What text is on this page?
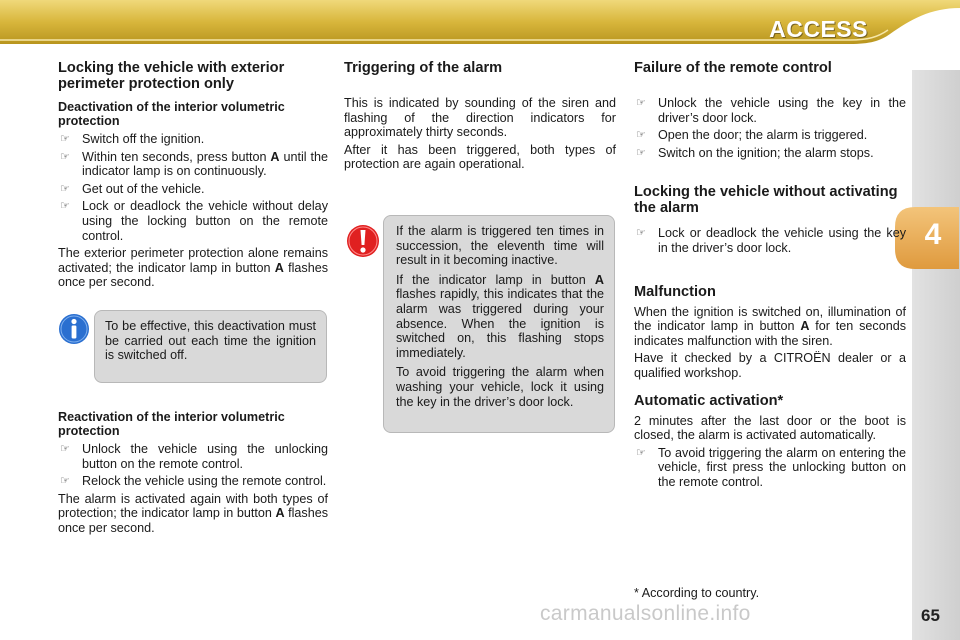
ACCESS
4
Locking the vehicle with exterior perimeter protection only
Deactivation of the interior volumetric protection
☞ Switch off the ignition.
☞ Within ten seconds, press button A until the indicator lamp is on continuously.
☞ Get out of the vehicle.
☞ Lock or deadlock the vehicle without delay using the locking button on the remote control.

The exterior perimeter protection alone remains activated; the indicator lamp in button A flashes once per second.

Reactivation of the interior volumetric protection
☞ Unlock the vehicle using the unlocking button on the remote control.
☞ Relock the vehicle using the remote control.

The alarm is activated again with both types of protection; the indicator lamp in button A flashes once per second.

To be effective, this deactivation must be carried out each time the ignition is switched off.

Triggering of the alarm

This is indicated by sounding of the siren and flashing of the direction indicators for approximately thirty seconds.

After it has been triggered, both types of protection are again operational.

If the alarm is triggered ten times in succession, the eleventh time will result in it becoming inactive.

If the indicator lamp in button A flashes rapidly, this indicates that the alarm was triggered during your absence. When the ignition is switched on, this flashing stops immediately.

To avoid triggering the alarm when washing your vehicle, lock it using the key in the driver’s door lock.

Failure of the remote control
☞ Unlock the vehicle using the key in the driver’s door lock.
☞ Open the door; the alarm is triggered.
☞ Switch on the ignition; the alarm stops.
Locking the vehicle without activating the alarm
☞ Lock or deadlock the vehicle using the key in the driver’s door lock.
Malfunction

When the ignition is switched on, illumination of the indicator lamp in button A for ten seconds indicates malfunction with the siren.

Have it checked by a CITROËN dealer or a qualified workshop.

Automatic activation*

2 minutes after the last door or the boot is closed, the alarm is activated automatically.

☞ To avoid triggering the alarm on entering the vehicle, first press the unlocking button on the remote control.
* According to country.
carmanualsonline.info	65
